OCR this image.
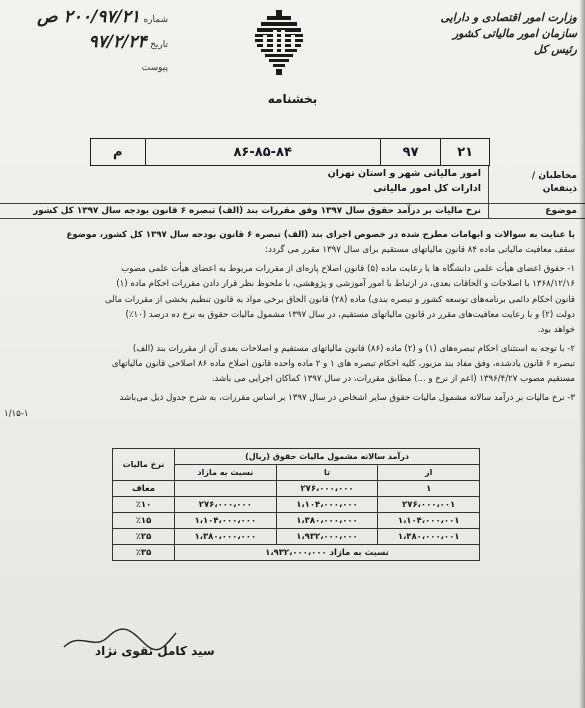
وزارت امور اقتصادی و دارایی
سازمان امور مالیاتی کشور
رئیس کل
شماره ۲۰۰/۹۷/۲۱ ص
تاریخ ۹۷/۲/۲۴
پیوست
بخشنامه
۲۱
۹۷
۸۶-۸۵-۸۴
م
مخاطبان / ذینفعان
امور مالیاتی شهر و استان تهران
ادارات کل امور مالیاتی
موضوع
نرخ مالیات بر درآمد حقوق سال ۱۳۹۷ وفق مقررات بند (الف) تبصره ۶ قانون بودجه سال ۱۳۹۷ کل کشور
با عنایت به سوالات و ابهامات مطرح شده در خصوص اجرای بند (الف) تبصره ۶ قانون بودجه سال ۱۳۹۷ کل کشور، موضوع
سقف معافیت مالیاتی ماده ۸۴ قانون مالیاتهای مستقیم برای سال ۱۳۹۷ مقرر می گردد:
۱- حقوق اعضای هیأت علمی دانشگاه ها با رعایت ماده (۵) قانون اصلاح پاره‌ای از مقررات مربوط به اعضای هیأت علمی مصوب
۱۳۶۸/۱۲/۱۶ با اصلاحات و الحاقات بعدی، در ارتباط با امور آموزشی و پژوهشی، با ملحوظ نظر قرار دادن مقررات احکام ماده (۱)
قانون احکام دائمی برنامه‌های توسعه کشور و تبصره بندی) ماده (۲۸) قانون الحاق برخی مواد به قانون تنظیم بخشی از مقررات مالی
دولت (۲) و با رعایت معافیت‌های مقرر در قانون مالیاتهای مستقیم، در سال ۱۳۹۷ مشمول مالیات حقوق به نرخ ده درصد (۱۰٪)
خواهد بود.
۲- با توجه به استثنای احکام تبصره‌های (۱) و (۲) ماده (۸۶) قانون مالیاتهای مستقیم و اصلاحات بعدی آن از مقررات بند (الف)
تبصره ۶ قانون یادشده، وفق مفاد بند مزبور، کلیه احکام تبصره های ۱ و ۲ ماده واحده قانون اصلاح ماده ۸۶ اصلاحی قانون مالیاتهای
مستقیم مصوب ۱۳۹۶/۴/۲۷ (اعم از نرخ و ...) مطابق مقررات، در سال ۱۳۹۷ کماکان اجرایی می باشد.
۳- نرخ مالیات بر درآمد سالانه مشمول مالیات حقوق سایر اشخاص در سال ۱۳۹۷ بر اساس مقررات، به شرح جدول ذیل می‌باشد
۱/۱۵-۱
درآمد سالانه مشمول مالیات حقوق (ریال)			نرخ مالیات
از	تا	نسبت به مازاد	
۱	۲۷۶،۰۰۰،۰۰۰		معاف
۲۷۶،۰۰۰،۰۰۱	۱،۱۰۴،۰۰۰،۰۰۰	۲۷۶،۰۰۰،۰۰۰	٪۱۰
۱،۱۰۴،۰۰۰،۰۰۱	۱،۳۸۰،۰۰۰،۰۰۰	۱،۱۰۴،۰۰۰،۰۰۰	٪۱۵
۱،۳۸۰،۰۰۰،۰۰۱	۱،۹۳۲،۰۰۰،۰۰۰	۱،۳۸۰،۰۰۰،۰۰۰	٪۲۵
نسبت به مازاد ۱،۹۳۲،۰۰۰،۰۰۰			٪۳۵
سید کامل تقوی نژاد
